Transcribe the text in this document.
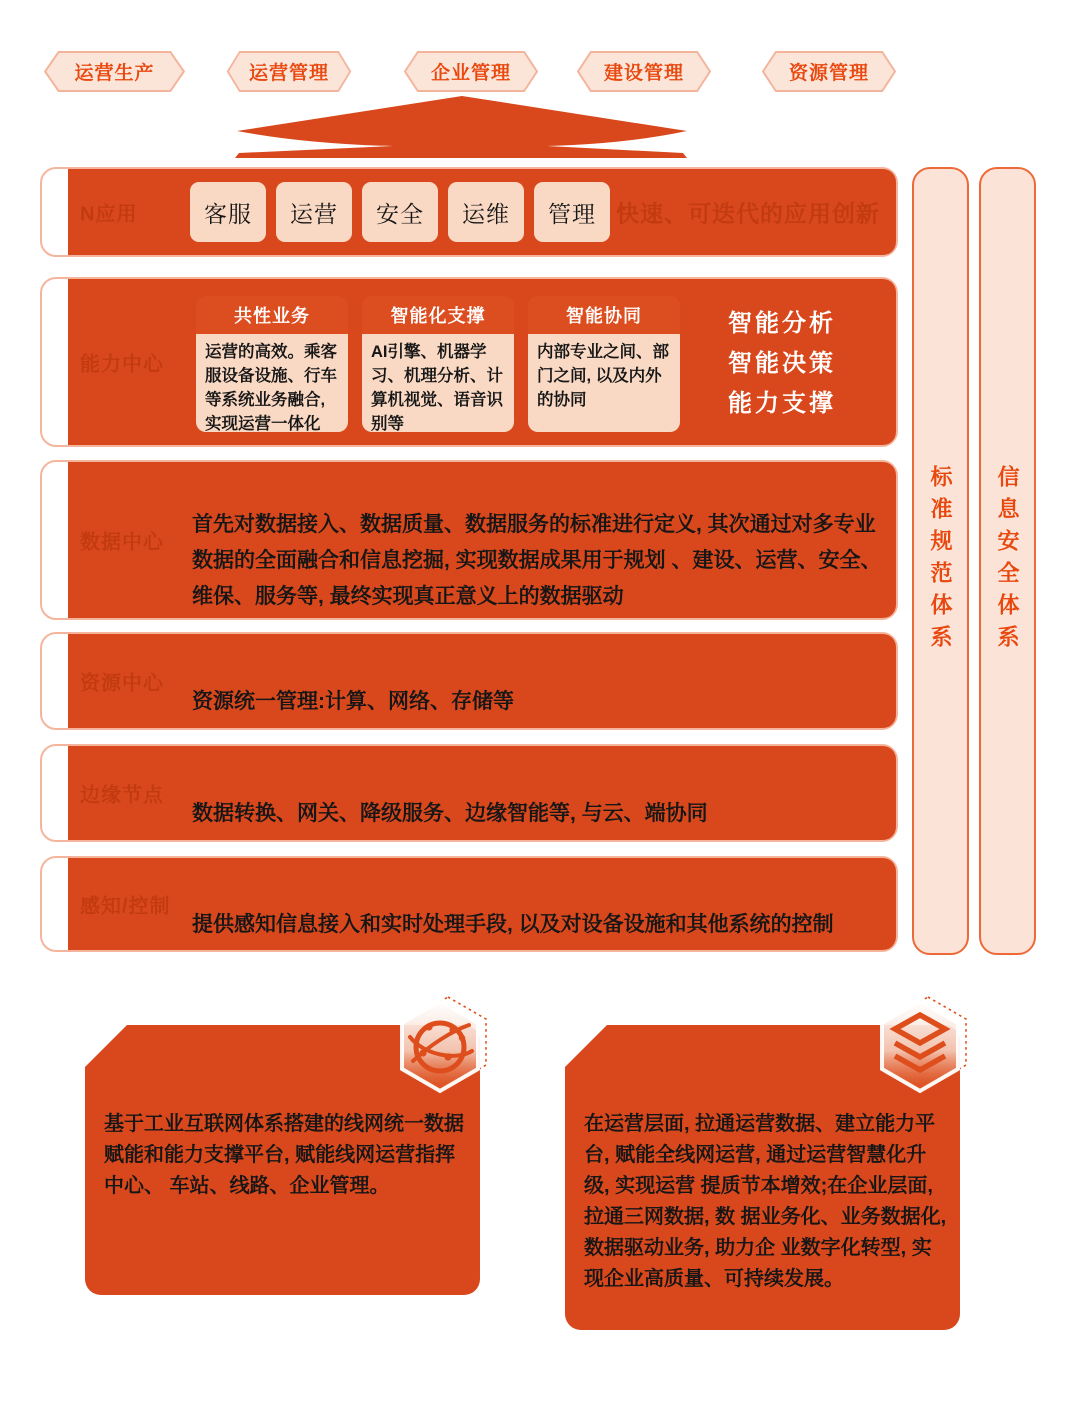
运营生产	运营管理	企业管理	建设管理	资源管理
N应用	客服	运营	安全	运维	管理 快速、可迭代的应用创新
能力中心
共性业务
运营的高效。乘客服设备设施、行车等系统业务融合,实现运营一体化
智能化支撑
AI引擎、机器学习、机理分析、计算机视觉、语音识别等
智能协同
内部专业之间、部门之间, 以及内外的协同
智能分析
智能决策
能力支撑
数据中心

首先对数据接入、数据质量、数据服务的标准进行定义, 其次通过对多专业数据的全面融合和信息挖掘, 实现数据成果用于规划 、建设、运营、安全、维保、服务等, 最终实现真正意义上的数据驱动

资源中心

资源统一管理:计算、网络、存储等

边缘节点

数据转换、网关、降级服务、边缘智能等, 与云、端协同

感知/控制

提供感知信息接入和实时处理手段, 以及对设备设施和其他系统的控制

标准规范体系 信息安全体系

基于工业互联网体系搭建的线网统一数据赋能和能力支撑平台, 赋能线网运营指挥中心、 车站、线路、企业管理。

在运营层面, 拉通运营数据、建立能力平台, 赋能全线网运营, 通过运营智慧化升级, 实现运营 提质节本增效;在企业层面, 拉通三网数据, 数 据业务化、业务数据化, 数据驱动业务, 助力企 业数字化转型, 实现企业高质量、可持续发展。
